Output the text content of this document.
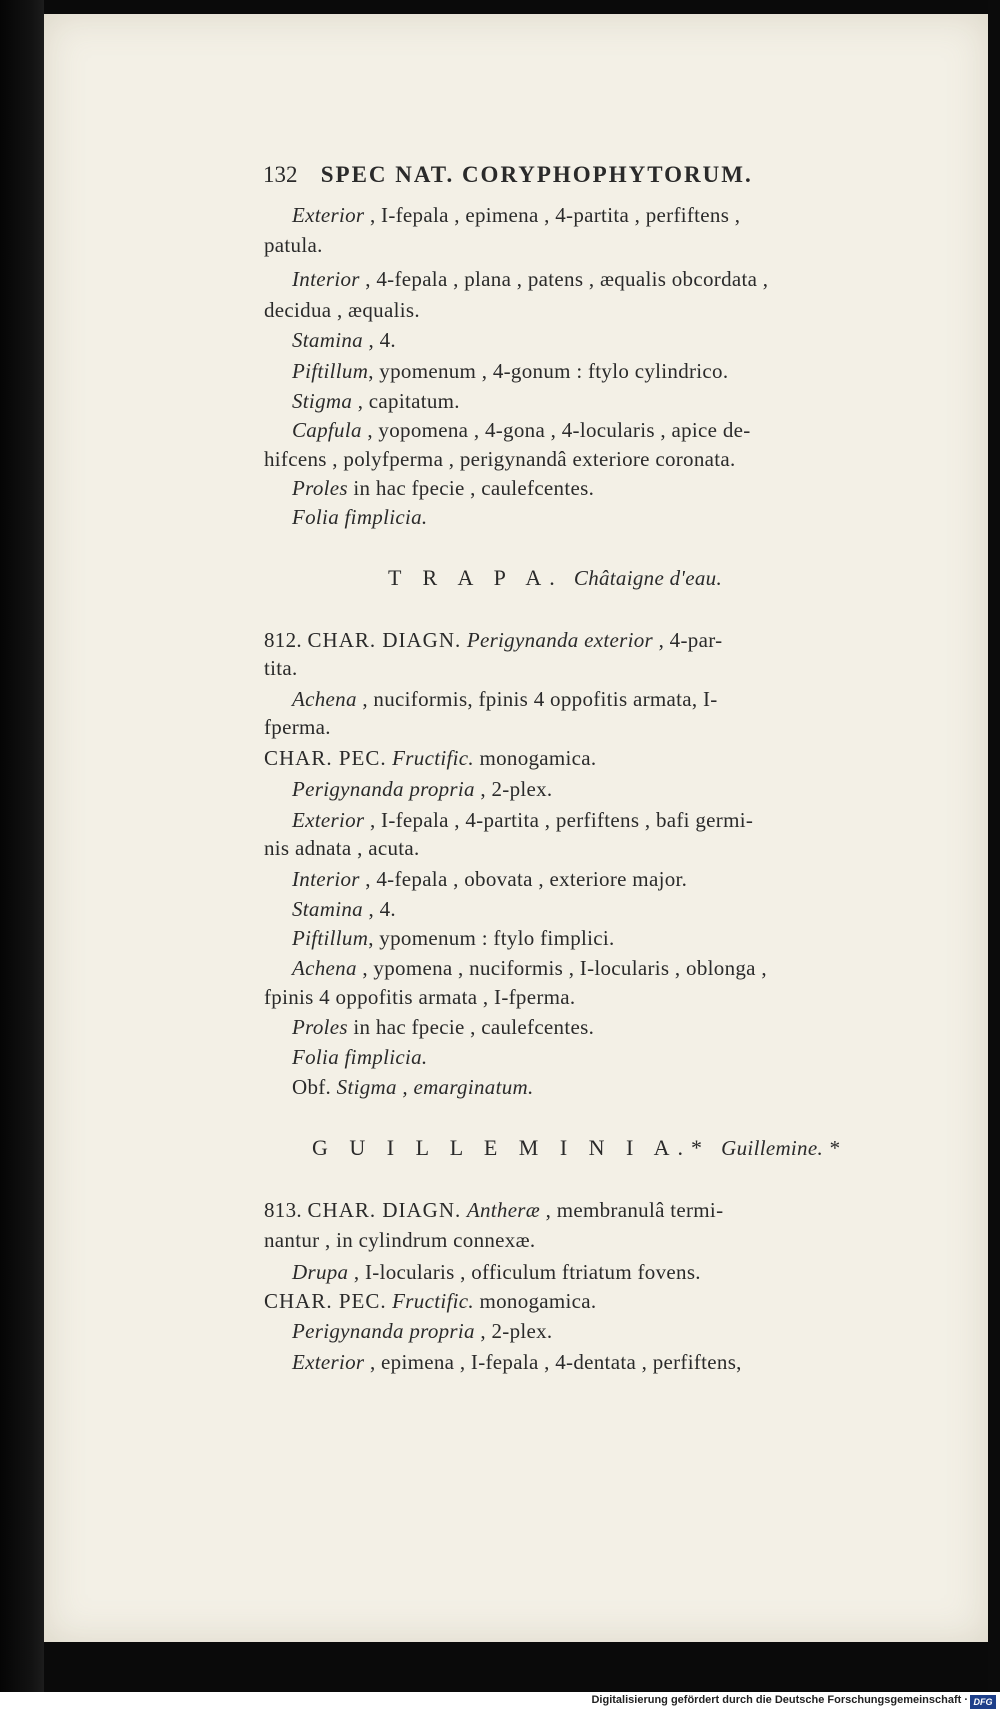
132 SPEC NAT. CORYPHOPHYTORUM.
Exterior , I-fepala , epimena , 4-partita , perfiftens ,
patula.
Interior , 4-fepala , plana , patens , æqualis obcordata ,
decidua , æqualis.
Stamina , 4.
Piftillum, ypomenum , 4-gonum : ftylo cylindrico.
Stigma , capitatum.
Capfula , yopomena , 4-gona , 4-locularis , apice de-
hifcens , polyfperma , perigynandâ exteriore coronata.
Proles in hac fpecie , caulefcentes.
Folia fimplicia.
T R A P A. Châtaigne d'eau.
812. CHAR. DIAGN. Perigynanda exterior , 4-par-
tita.
Achena , nuciformis, fpinis 4 oppofitis armata, I-
fperma.
CHAR. PEC. Fructific. monogamica.
Perigynanda propria , 2-plex.
Exterior , I-fepala , 4-partita , perfiftens , bafi germi-
nis adnata , acuta.
Interior , 4-fepala , obovata , exteriore major.
Stamina , 4.
Piftillum, ypomenum : ftylo fimplici.
Achena , ypomena , nuciformis , I-locularis , oblonga ,
fpinis 4 oppofitis armata , I-fperma.
Proles in hac fpecie , caulefcentes.
Folia fimplicia.
Obf. Stigma , emarginatum.
G U I L L E M I N I A.* Guillemine. *
813. CHAR. DIAGN. Antheræ , membranulâ termi-
nantur , in cylindrum connexæ.
Drupa , I-locularis , officulum ftriatum fovens.
CHAR. PEC. Fructific. monogamica.
Perigynanda propria , 2-plex.
Exterior , epimena , I-fepala , 4-dentata , perfiftens,
Digitalisierung gefördert durch die Deutsche Forschungsgemeinschaft · DFG
